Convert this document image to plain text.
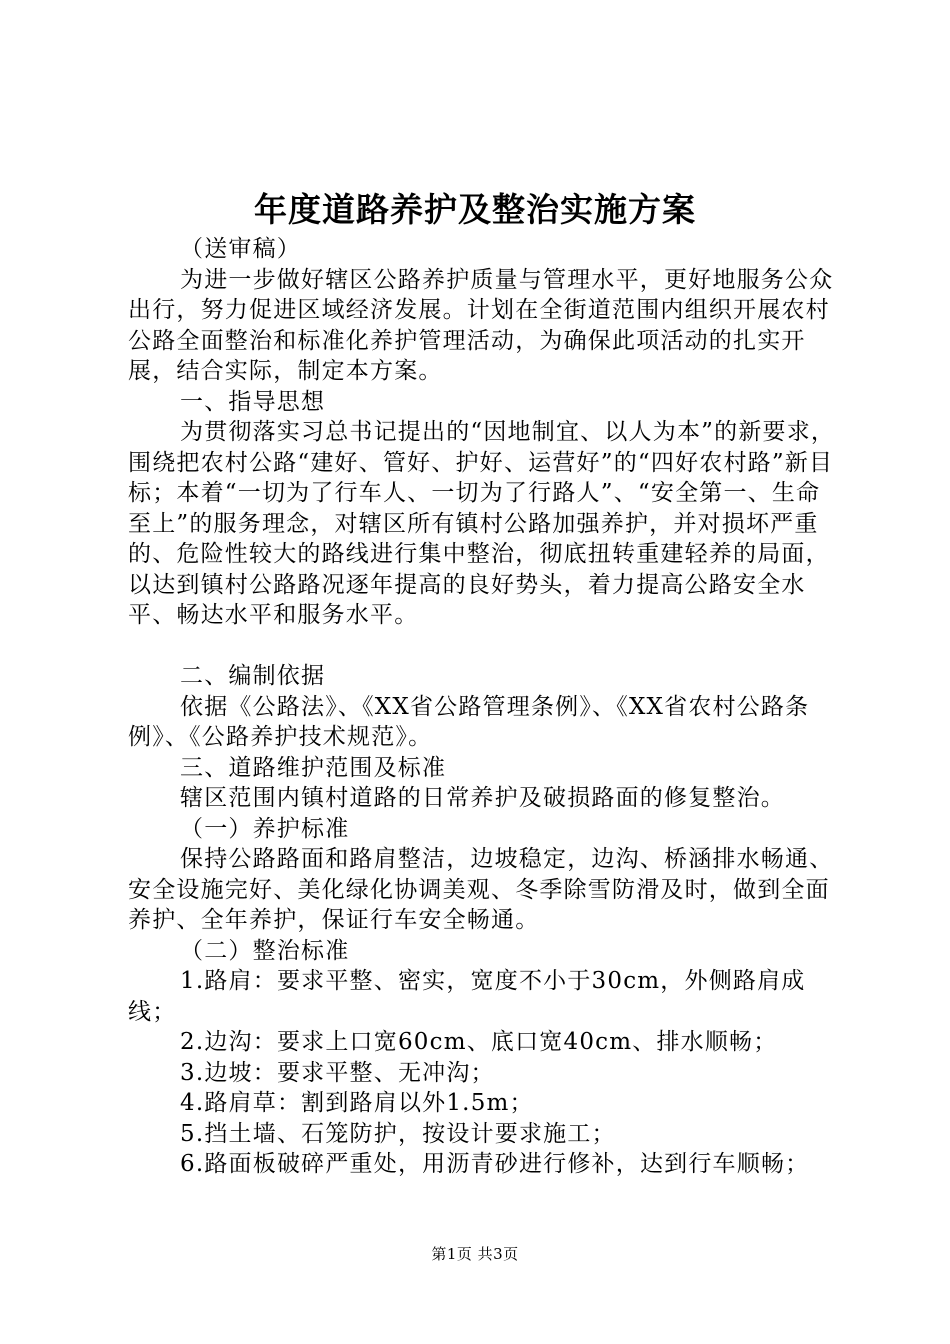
年度道路养护及整治实施方案

（送审稿）

为进一步做好辖区公路养护质量与管理水平，更好地服务公众出行，努力促进区域经济发展。计划在全街道范围内组织开展农村公路全面整治和标准化养护管理活动，为确保此项活动的扎实开展，结合实际，制定本方案。

一、指导思想

为贯彻落实习总书记提出的“因地制宜、以人为本”的新要求，围绕把农村公路“建好、管好、护好、运营好”的“四好农村路”新目标；本着“一切为了行车人、一切为了行路人”、“安全第一、生命至上”的服务理念，对辖区所有镇村公路加强养护，并对损坏严重的、危险性较大的路线进行集中整治，彻底扭转重建轻养的局面，以达到镇村公路路况逐年提高的良好势头，着力提高公路安全水平、畅达水平和服务水平。

二、编制依据

依据《公路法》、《XX省公路管理条例》、《XX省农村公路条例》、《公路养护技术规范》。

三、道路维护范围及标准

辖区范围内镇村道路的日常养护及破损路面的修复整治。

（一）养护标准

保持公路路面和路肩整洁，边坡稳定，边沟、桥涵排水畅通、安全设施完好、美化绿化协调美观、冬季除雪防滑及时，做到全面养护、全年养护，保证行车安全畅通。

（二）整治标准

1.路肩：要求平整、密实，宽度不小于30cm，外侧路肩成线；

2.边沟：要求上口宽60cm、底口宽40cm、排水顺畅；

3.边坡：要求平整、无冲沟；

4.路肩草：割到路肩以外1.5m；

5.挡土墙、石笼防护，按设计要求施工；

6.路面板破碎严重处，用沥青砂进行修补，达到行车顺畅；

第1页 共3页
